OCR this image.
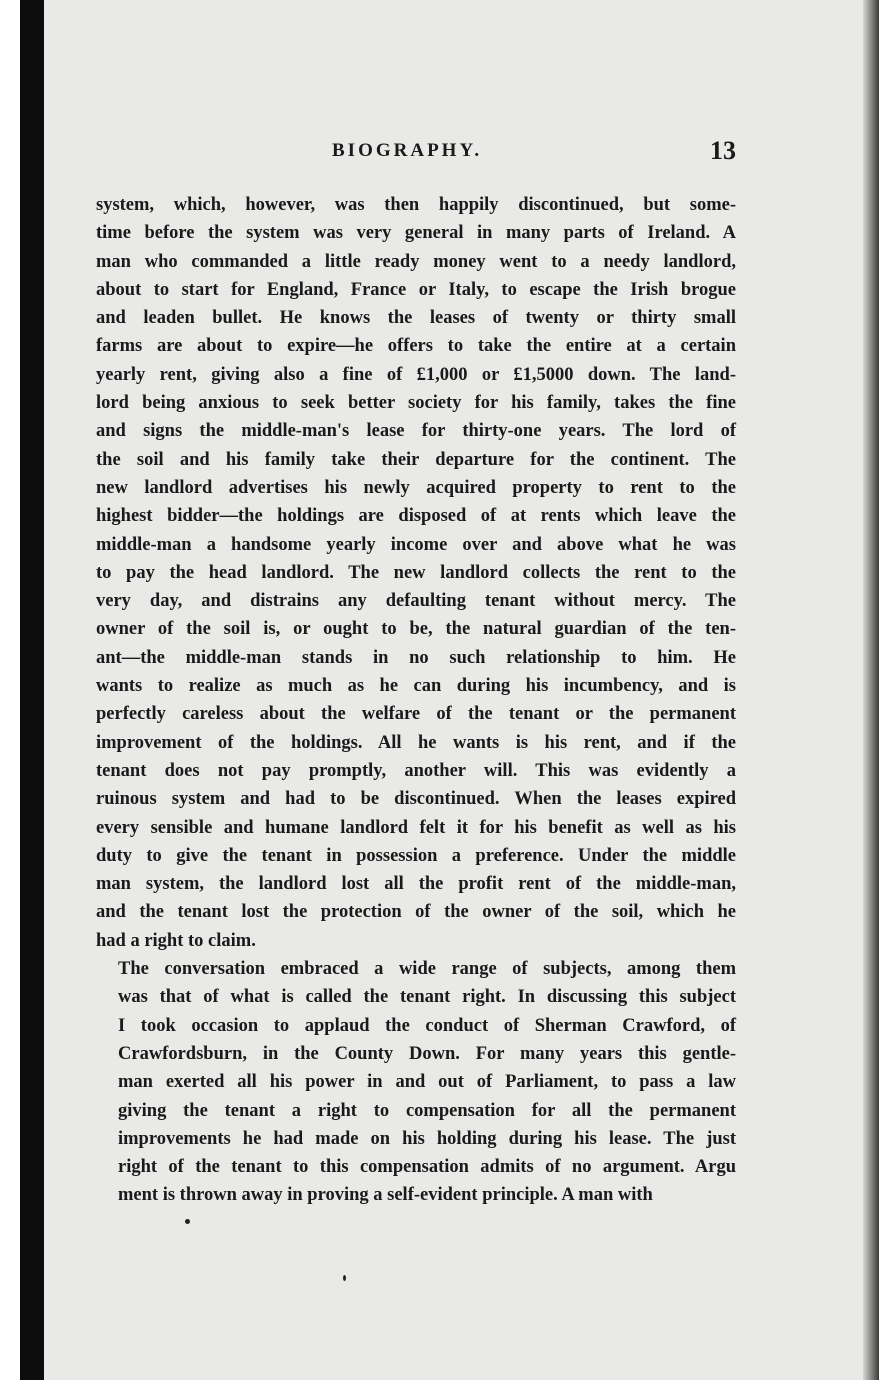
BIOGRAPHY.	13
system, which, however, was then happily discontinued, but some-
time before the system was very general in many parts of Ireland. A
man who commanded a little ready money went to a needy landlord,
about to start for England, France or Italy, to escape the Irish brogue
and leaden bullet. He knows the leases of twenty or thirty small
farms are about to expire—he offers to take the entire at a certain
yearly rent, giving also a fine of £1,000 or £1,5000 down. The land-
lord being anxious to seek better society for his family, takes the fine
and signs the middle-man's lease for thirty-one years. The lord of
the soil and his family take their departure for the continent. The
new landlord advertises his newly acquired property to rent to the
highest bidder—the holdings are disposed of at rents which leave the
middle-man a handsome yearly income over and above what he was
to pay the head landlord. The new landlord collects the rent to the
very day, and distrains any defaulting tenant without mercy. The
owner of the soil is, or ought to be, the natural guardian of the ten-
ant—the middle-man stands in no such relationship to him. He
wants to realize as much as he can during his incumbency, and is
perfectly careless about the welfare of the tenant or the permanent
improvement of the holdings. All he wants is his rent, and if the
tenant does not pay promptly, another will. This was evidently a
ruinous system and had to be discontinued. When the leases expired
every sensible and humane landlord felt it for his benefit as well as his
duty to give the tenant in possession a preference. Under the middle
man system, the landlord lost all the profit rent of the middle-man,
and the tenant lost the protection of the owner of the soil, which he
had a right to claim.
The conversation embraced a wide range of subjects, among them
was that of what is called the tenant right. In discussing this subject
I took occasion to applaud the conduct of Sherman Crawford, of
Crawfordsburn, in the County Down. For many years this gentle-
man exerted all his power in and out of Parliament, to pass a law
giving the tenant a right to compensation for all the permanent
improvements he had made on his holding during his lease. The just
right of the tenant to this compensation admits of no argument. Argu
ment is thrown away in proving a self-evident principle. A man with
